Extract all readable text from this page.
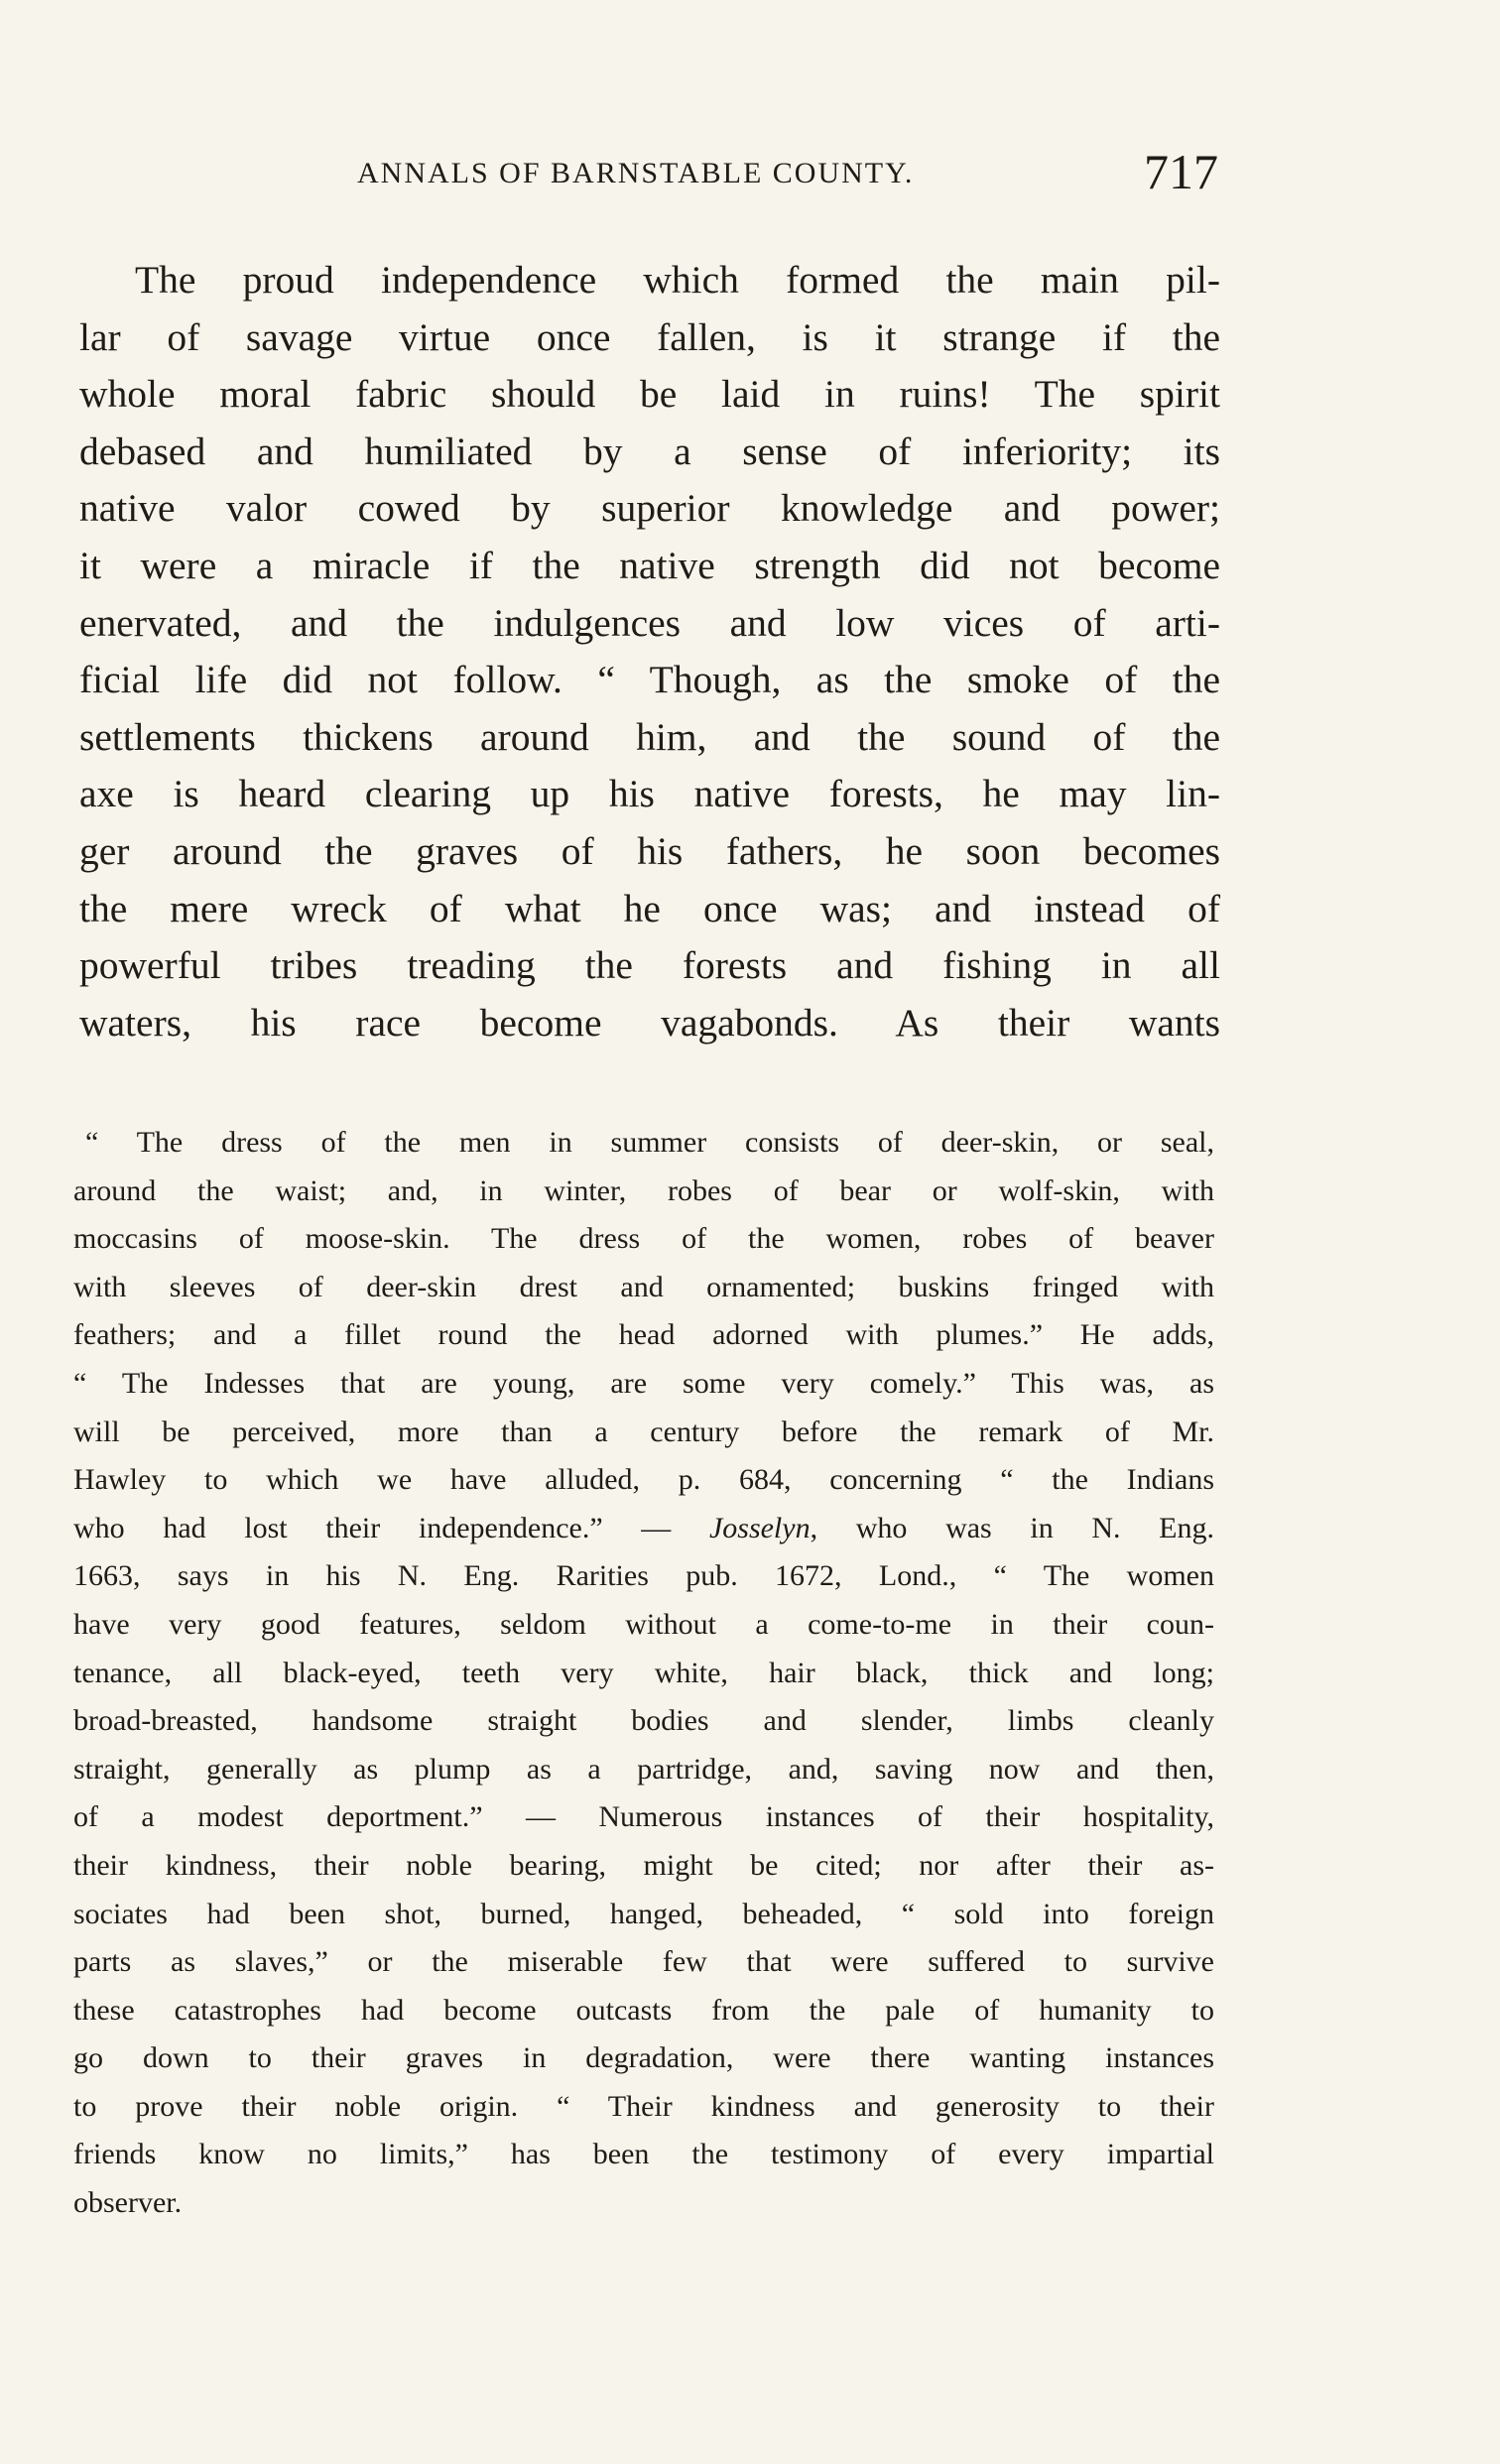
ANNALS OF BARNSTABLE COUNTY.	717
The proud independence which formed the main pil-
lar of savage virtue once fallen, is it strange if the
whole moral fabric should be laid in ruins! The spirit
debased and humiliated by a sense of inferiority; its
native valor cowed by superior knowledge and power;
it were a miracle if the native strength did not become
enervated, and the indulgences and low vices of arti-
ficial life did not follow. “ Though, as the smoke of the
settlements thickens around him, and the sound of the
axe is heard clearing up his native forests, he may lin-
ger around the graves of his fathers, he soon becomes
the mere wreck of what he once was; and instead of
powerful tribes treading the forests and fishing in all
waters, his race become vagabonds. As their wants
“ The dress of the men in summer consists of deer-skin, or seal,
around the waist; and, in winter, robes of bear or wolf-skin, with
moccasins of moose-skin. The dress of the women, robes of beaver
with sleeves of deer-skin drest and ornamented; buskins fringed with
feathers; and a fillet round the head adorned with plumes.” He adds,
“ The Indesses that are young, are some very comely.” This was, as
will be perceived, more than a century before the remark of Mr.
Hawley to which we have alluded, p. 684, concerning “ the Indians
who had lost their independence.” — Josselyn, who was in N. Eng.
1663, says in his N. Eng. Rarities pub. 1672, Lond., “ The women
have very good features, seldom without a come-to-me in their coun-
tenance, all black-eyed, teeth very white, hair black, thick and long;
broad-breasted, handsome straight bodies and slender, limbs cleanly
straight, generally as plump as a partridge, and, saving now and then,
of a modest deportment.” — Numerous instances of their hospitality,
their kindness, their noble bearing, might be cited; nor after their as-
sociates had been shot, burned, hanged, beheaded, “ sold into foreign
parts as slaves,” or the miserable few that were suffered to survive
these catastrophes had become outcasts from the pale of humanity to
go down to their graves in degradation, were there wanting instances
to prove their noble origin. “ Their kindness and generosity to their
friends know no limits,” has been the testimony of every impartial
observer.
